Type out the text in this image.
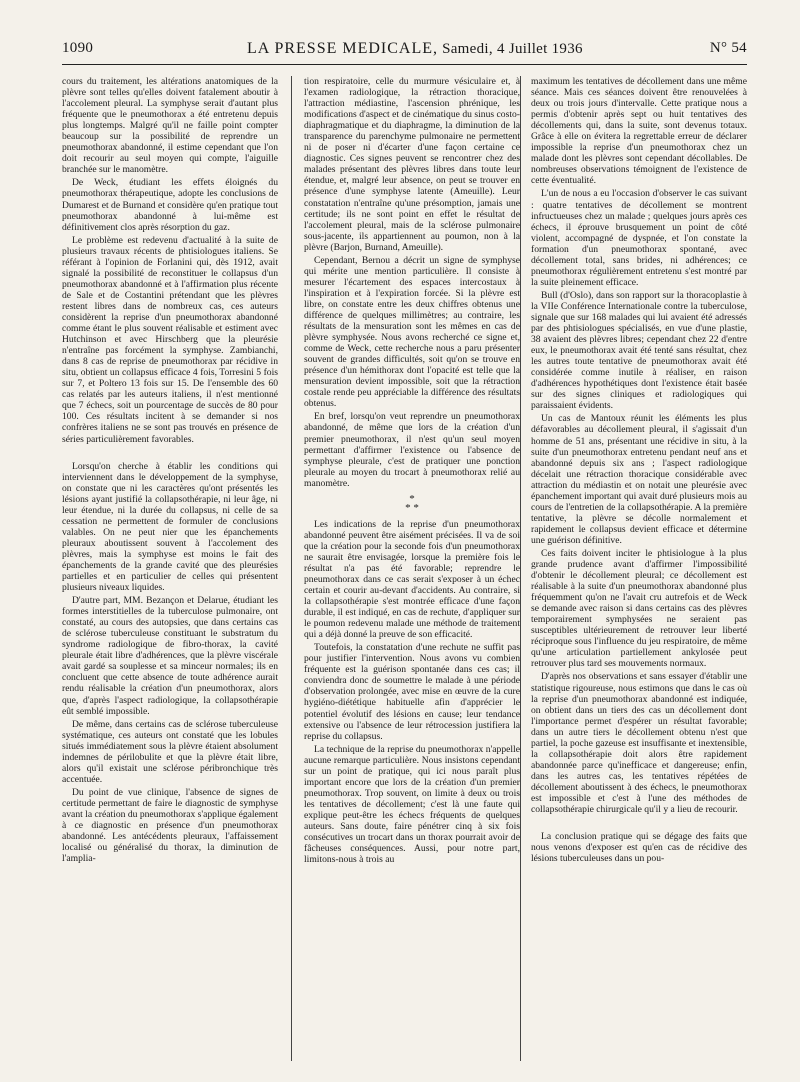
1090	LA PRESSE MEDICALE, Samedi, 4 Juillet 1936	N° 54

cours du traitement, les altérations anatomiques de la plèvre sont telles qu'elles doivent fatalement aboutir à l'accolement pleural. La symphyse serait d'autant plus fréquente que le pneumothorax a été entretenu depuis plus longtemps. Malgré qu'il ne faille point compter beaucoup sur la possibilité de reprendre un pneumothorax abandonné, il estime cependant que l'on doit recourir au seul moyen qui compte, l'aiguille branchée sur le manomètre.

De Weck, étudiant les effets éloignés du pneumothorax thérapeutique, adopte les conclusions de Dumarest et de Burnand et considère qu'en pratique tout pneumothorax abandonné à lui-même est définitivement clos après résorption du gaz.

Le problème est redevenu d'actualité à la suite de plusieurs travaux récents de phtisiologues italiens. Se référant à l'opinion de Forlanini qui, dès 1912, avait signalé la possibilité de reconstituer le collapsus d'un pneumothorax abandonné et à l'affirmation plus récente de Sale et de Costantini prétendant que les plèvres restent libres dans de nombreux cas, ces auteurs considèrent la reprise d'un pneumothorax abandonné comme étant le plus souvent réalisable et estiment avec Hutchinson et avec Hirschberg que la pleurésie n'entraîne pas forcément la symphyse. Zambianchi, dans 8 cas de reprise de pneumothorax par récidive in situ, obtient un collapsus efficace 4 fois, Torresini 5 fois sur 7, et Poltero 13 fois sur 15. De l'ensemble des 60 cas relatés par les auteurs italiens, il n'est mentionné que 7 échecs, soit un pourcentage de succès de 80 pour 100. Ces résultats incitent à se demander si nos confrères italiens ne se sont pas trouvés en présence de séries particulièrement favorables.

Lorsqu'on cherche à établir les conditions qui interviennent dans le développement de la symphyse, on constate que ni les caractères qu'ont présentés les lésions ayant justifié la collapsothérapie, ni leur âge, ni leur étendue, ni la durée du collapsus, ni celle de sa cessation ne permettent de formuler de conclusions valables. On ne peut nier que les épanchements pleuraux aboutissent souvent à l'accolement des plèvres, mais la symphyse est moins le fait des épanchements de la grande cavité que des pleurésies partielles et en particulier de celles qui présentent plusieurs niveaux liquides.

D'autre part, MM. Bezançon et Delarue, étudiant les formes interstitielles de la tuberculose pulmonaire, ont constaté, au cours des autopsies, que dans certains cas de sclérose tuberculeuse constituant le substratum du syndrome radiologique de fibro-thorax, la cavité pleurale était libre d'adhérences, que la plèvre viscérale avait gardé sa souplesse et sa minceur normales; ils en concluent que cette absence de toute adhérence aurait rendu réalisable la création d'un pneumothorax, alors que, d'après l'aspect radiologique, la collapsothérapie eût semblé impossible.

De même, dans certains cas de sclérose tuberculeuse systématique, ces auteurs ont constaté que les lobules situés immédiatement sous la plèvre étaient absolument indemnes de périlobulite et que la plèvre était libre, alors qu'il existait une sclérose péribronchique très accentuée.

Du point de vue clinique, l'absence de signes de certitude permettant de faire le diagnostic de symphyse avant la création du pneumothorax s'applique également à ce diagnostic en présence d'un pneumothorax abandonné. Les antécédents pleuraux, l'affaissement localisé ou généralisé du thorax, la diminution de l'amplia-

tion respiratoire, celle du murmure vésiculaire et, à l'examen radiologique, la rétraction thoracique, l'attraction médiastine, l'ascension phrénique, les modifications d'aspect et de cinématique du sinus costo-diaphragmatique et du diaphragme, la diminution de la transparence du parenchyme pulmonaire ne permettent ni de poser ni d'écarter d'une façon certaine ce diagnostic. Ces signes peuvent se rencontrer chez des malades présentant des plèvres libres dans toute leur étendue, et, malgré leur absence, on peut se trouver en présence d'une symphyse latente (Ameuille). Leur constatation n'entraîne qu'une présomption, jamais une certitude; ils ne sont point en effet le résultat de l'accolement pleural, mais de la sclérose pulmonaire sous-jacente, ils appartiennent au poumon, non à la plèvre (Barjon, Burnand, Ameuille).

Cependant, Bernou a décrit un signe de symphyse qui mérite une mention particulière. Il consiste à mesurer l'écartement des espaces intercostaux à l'inspiration et à l'expiration forcée. Si la plèvre est libre, on constate entre les deux chiffres obtenus une différence de quelques millimètres; au contraire, les résultats de la mensuration sont les mêmes en cas de plèvre symphysée. Nous avons recherché ce signe et, comme de Weck, cette recherche nous a paru présenter souvent de grandes difficultés, soit qu'on se trouve en présence d'un hémithorax dont l'opacité est telle que la mensuration devient impossible, soit que la rétraction costale rende peu appréciable la différence des résultats obtenus.

En bref, lorsqu'on veut reprendre un pneumothorax abandonné, de même que lors de la création d'un premier pneumothorax, il n'est qu'un seul moyen permettant d'affirmer l'existence ou l'absence de symphyse pleurale, c'est de pratiquer une ponction pleurale au moyen du trocart à pneumothorax relié au manomètre.

*
* *

Les indications de la reprise d'un pneumothorax abandonné peuvent être aisément précisées. Il va de soi que la création pour la seconde fois d'un pneumothorax ne saurait être envisagée, lorsque la première fois le résultat n'a pas été favorable; reprendre le pneumothorax dans ce cas serait s'exposer à un échec certain et courir au-devant d'accidents. Au contraire, si la collapsothérapie s'est montrée efficace d'une façon durable, il est indiqué, en cas de rechute, d'appliquer sur le poumon redevenu malade une méthode de traitement qui a déjà donné la preuve de son efficacité.

Toutefois, la constatation d'une rechute ne suffit pas pour justifier l'intervention. Nous avons vu combien fréquente est la guérison spontanée dans ces cas; il conviendra donc de soumettre le malade à une période d'observation prolongée, avec mise en œuvre de la cure hygiéno-diététique habituelle afin d'apprécier le potentiel évolutif des lésions en cause; leur tendance extensive ou l'absence de leur rétrocession justifiera la reprise du collapsus.

La technique de la reprise du pneumothorax n'appelle aucune remarque particulière. Nous insistons cependant sur un point de pratique, qui ici nous paraît plus important encore que lors de la création d'un premier pneumothorax. Trop souvent, on limite à deux ou trois les tentatives de décollement; c'est là une faute qui explique peut-être les échecs fréquents de quelques auteurs. Sans doute, faire pénétrer cinq à six fois consécutives un trocart dans un thorax pourrait avoir de fâcheuses conséquences. Aussi, pour notre part, limitons-nous à trois au

maximum les tentatives de décollement dans une même séance. Mais ces séances doivent être renouvelées à deux ou trois jours d'intervalle. Cette pratique nous a permis d'obtenir après sept ou huit tentatives des décollements qui, dans la suite, sont devenus totaux. Grâce à elle on évitera la regrettable erreur de déclarer impossible la reprise d'un pneumothorax chez un malade dont les plèvres sont cependant décollables. De nombreuses observations témoignent de l'existence de cette éventualité.

L'un de nous a eu l'occasion d'observer le cas suivant : quatre tentatives de décollement se montrent infructueuses chez un malade ; quelques jours après ces échecs, il éprouve brusquement un point de côté violent, accompagné de dyspnée, et l'on constate la formation d'un pneumothorax spontané, avec décollement total, sans brides, ni adhérences; ce pneumothorax régulièrement entretenu s'est montré par la suite pleinement efficace.

Bull (d'Oslo), dans son rapport sur la thoracoplastie à la VIIe Conférence Internationale contre la tuberculose, signale que sur 168 malades qui lui avaient été adressés par des phtisiologues spécialisés, en vue d'une plastie, 38 avaient des plèvres libres; cependant chez 22 d'entre eux, le pneumothorax avait été tenté sans résultat, chez les autres toute tentative de pneumothorax avait été considérée comme inutile à réaliser, en raison d'adhérences hypothétiques dont l'existence était basée sur des signes cliniques et radiologiques qui paraissaient évidents.

Un cas de Mantoux réunit les éléments les plus défavorables au décollement pleural, il s'agissait d'un homme de 51 ans, présentant une récidive in situ, à la suite d'un pneumothorax entretenu pendant neuf ans et abandonné depuis six ans ; l'aspect radiologique décelait une rétraction thoracique considérable avec attraction du médiastin et on notait une pleurésie avec épanchement important qui avait duré plusieurs mois au cours de l'entretien de la collapsothérapie. A la première tentative, la plèvre se décolle normalement et rapidement le collapsus devient efficace et détermine une guérison définitive.

Ces faits doivent inciter le phtisiologue à la plus grande prudence avant d'affirmer l'impossibilité d'obtenir le décollement pleural; ce décollement est réalisable à la suite d'un pneumothorax abandonné plus fréquemment qu'on ne l'avait cru autrefois et de Weck se demande avec raison si dans certains cas des plèvres temporairement symphysées ne seraient pas susceptibles ultérieurement de retrouver leur liberté réciproque sous l'influence du jeu respiratoire, de même qu'une articulation partiellement ankylosée peut retrouver plus tard ses mouvements normaux.

D'après nos observations et sans essayer d'établir une statistique rigoureuse, nous estimons que dans le cas où la reprise d'un pneumothorax abandonné est indiquée, on obtient dans un tiers des cas un décollement dont l'importance permet d'espérer un résultat favorable; dans un autre tiers le décollement obtenu n'est que partiel, la poche gazeuse est insuffisante et inextensible, la collapsothérapie doit alors être rapidement abandonnée parce qu'inefficace et dangereuse; enfin, dans les autres cas, les tentatives répétées de décollement aboutissent à des échecs, le pneumothorax est impossible et c'est à l'une des méthodes de collapsothérapie chirurgicale qu'il y a lieu de recourir.

La conclusion pratique qui se dégage des faits que nous venons d'exposer est qu'en cas de récidive des lésions tuberculeuses dans un pou-
